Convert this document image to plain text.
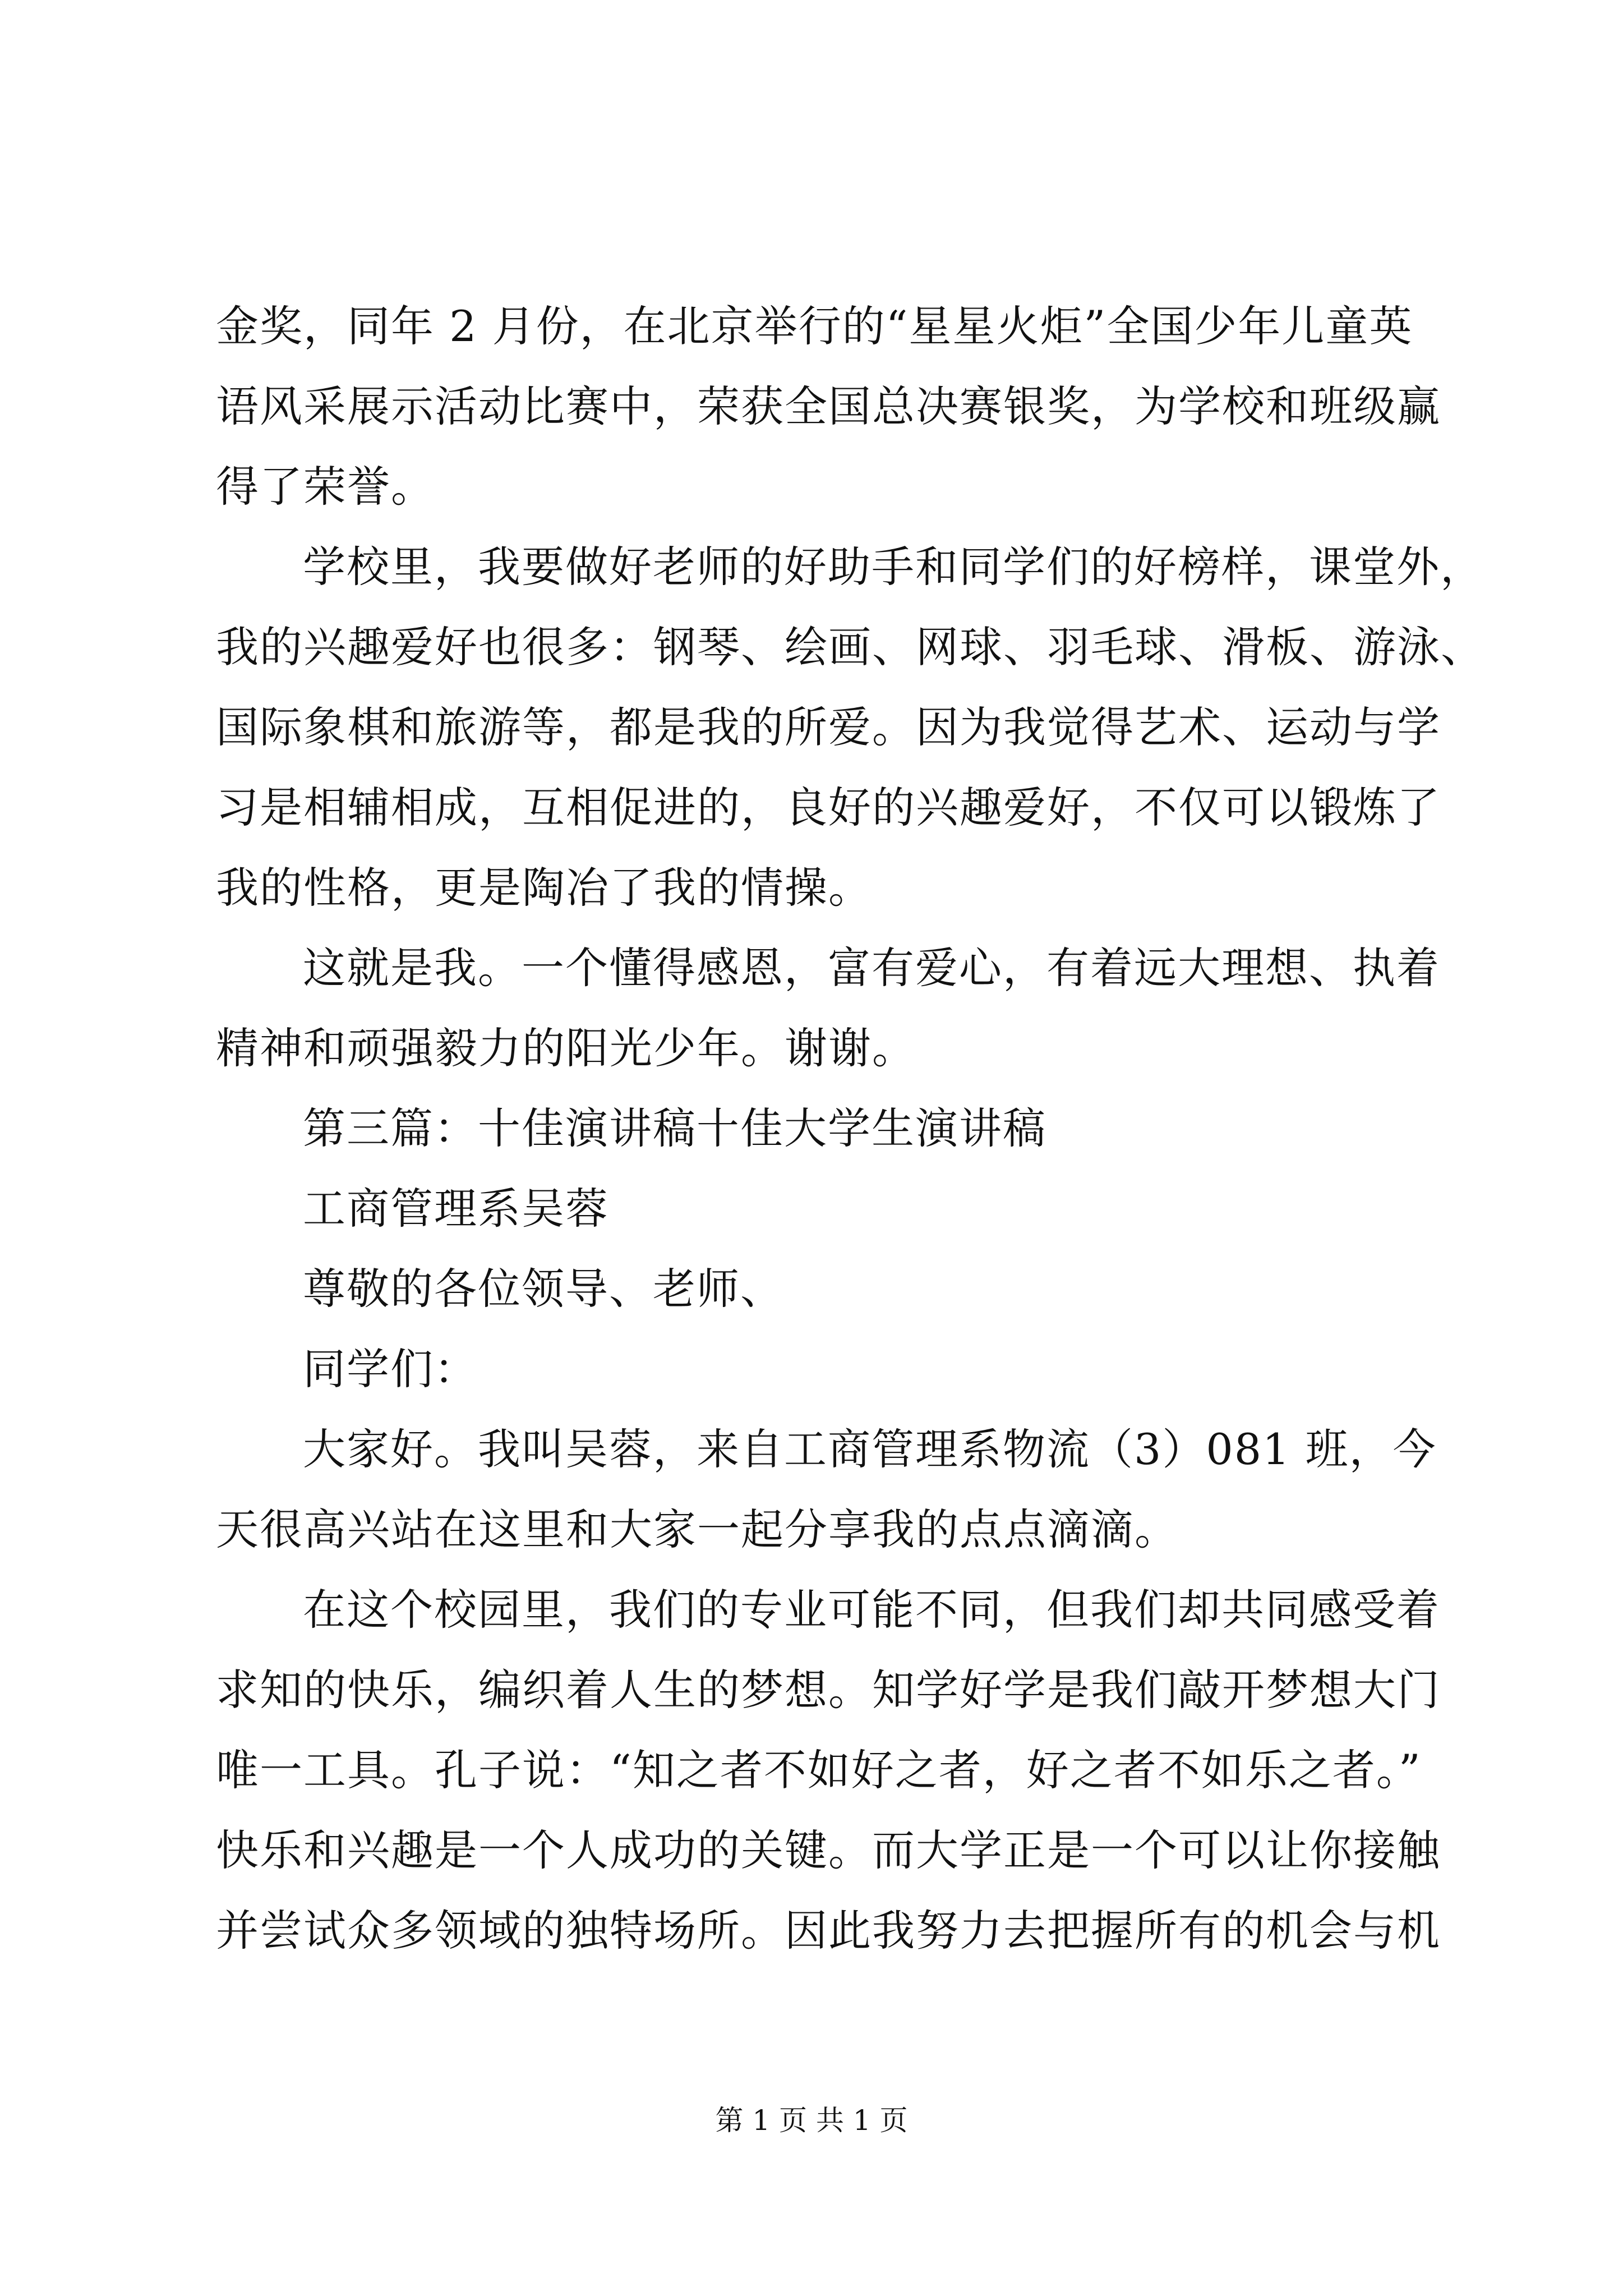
金奖，同年 2 月份，在北京举行的“星星火炬”全国少年儿童英
语风采展示活动比赛中，荣获全国总决赛银奖，为学校和班级赢
得了荣誉。
学校里，我要做好老师的好助手和同学们的好榜样，课堂外，
我的兴趣爱好也很多：钢琴、绘画、网球、羽毛球、滑板、游泳、
国际象棋和旅游等，都是我的所爱。因为我觉得艺术、运动与学
习是相辅相成，互相促进的，良好的兴趣爱好，不仅可以锻炼了
我的性格，更是陶冶了我的情操。
这就是我。一个懂得感恩，富有爱心，有着远大理想、执着
精神和顽强毅力的阳光少年。谢谢。
第三篇：十佳演讲稿十佳大学生演讲稿
工商管理系吴蓉
尊敬的各位领导、老师、
同学们：
大家好。我叫吴蓉，来自工商管理系物流（3）081 班，今
天很高兴站在这里和大家一起分享我的点点滴滴。
在这个校园里，我们的专业可能不同，但我们却共同感受着
求知的快乐，编织着人生的梦想。知学好学是我们敲开梦想大门
唯一工具。孔子说：“知之者不如好之者，好之者不如乐之者。”
快乐和兴趣是一个人成功的关键。而大学正是一个可以让你接触
并尝试众多领域的独特场所。因此我努力去把握所有的机会与机
第 1 页 共 1 页
